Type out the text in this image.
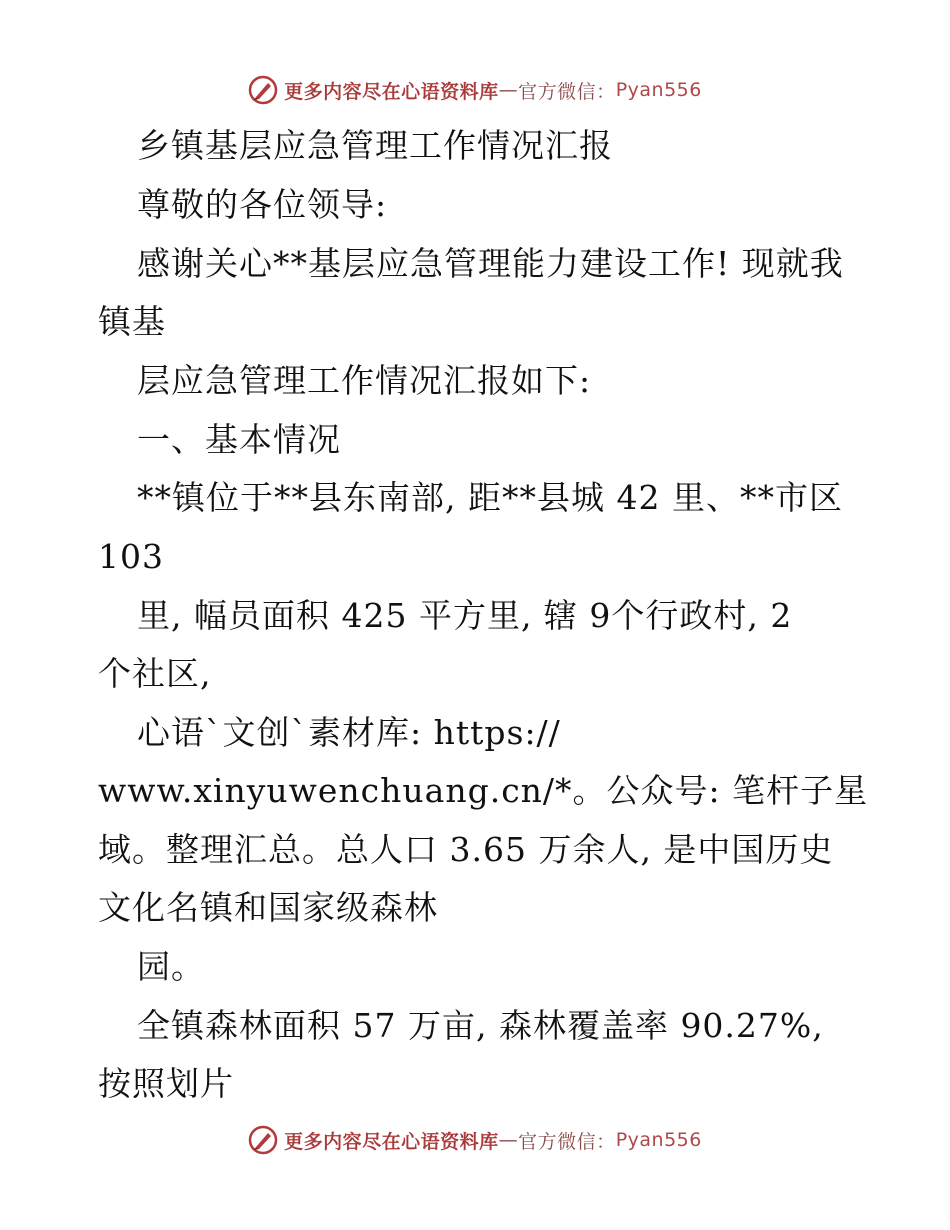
更多内容尽在心语资料库 — 官方微信： Pyan556
乡镇基层应急管理工作情况汇报
尊敬的各位领导:
感谢关心**基层应急管理能力建设工作! 现就我
镇基
层应急管理工作情况汇报如下:
一、基本情况
**镇位于**县东南部, 距**县城 42 里、**市区
103
里, 幅员面积 425 平方里, 辖 9个行政村, 2
个社区,
心语`文创`素材库: https://
www.xinyuwenchuang.cn/*。公众号: 笔杆子星
域。整理汇总。总人口 3.65 万余人, 是中国历史
文化名镇和国家级森林
园。
全镇森林面积 57 万亩, 森林覆盖率 90.27%,
按照划片
更多内容尽在心语资料库 — 官方微信： Pyan556
